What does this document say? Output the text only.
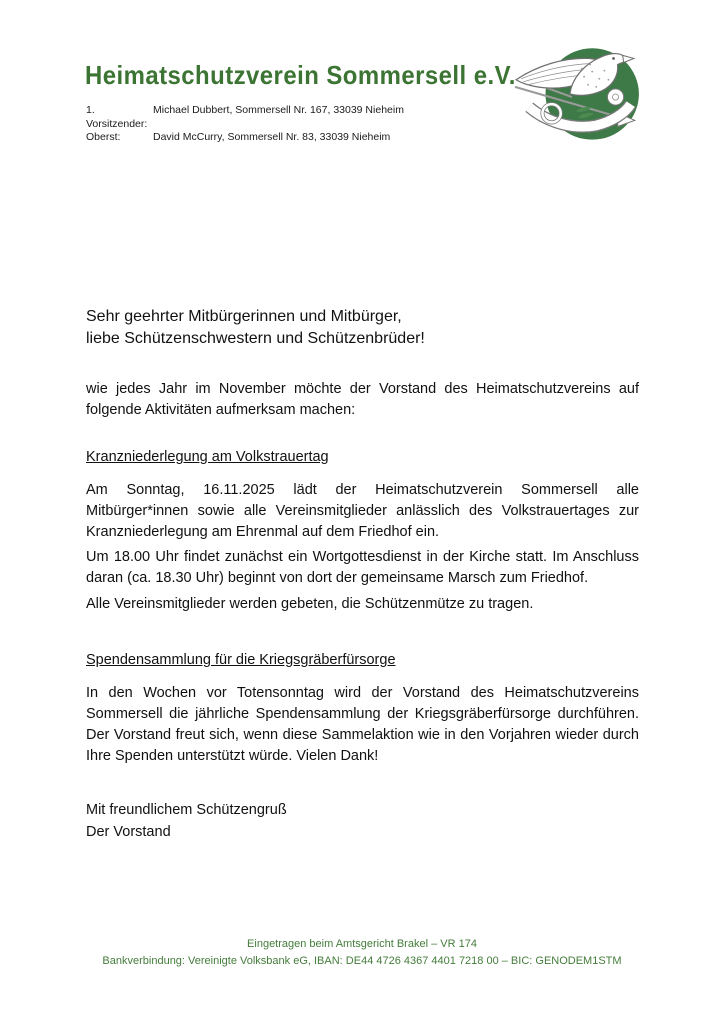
Heimatschutzverein Sommersell e.V.
1. Vorsitzender:
Michael Dubbert, Sommersell Nr. 167, 33039 Nieheim
Oberst:	David McCurry, Sommersell Nr. 83, 33039 Nieheim
Sehr geehrter Mitbürgerinnen und Mitbürger,
liebe Schützenschwestern und Schützenbrüder!

wie jedes Jahr im November möchte der Vorstand des Heimatschutzvereins auf folgende Aktivitäten aufmerksam machen:

Kranzniederlegung am Volkstrauertag

Am Sonntag, 16.11.2025 lädt der Heimatschutzverein Sommersell alle Mitbürger*innen sowie alle Vereinsmitglieder anlässlich des Volkstrauertages zur Kranzniederlegung am Ehrenmal auf dem Friedhof ein.

Um 18.00 Uhr findet zunächst ein Wortgottesdienst in der Kirche statt. Im Anschluss daran (ca. 18.30 Uhr) beginnt von dort der gemeinsame Marsch zum Friedhof.

Alle Vereinsmitglieder werden gebeten, die Schützenmütze zu tragen.

Spendensammlung für die Kriegsgräberfürsorge

In den Wochen vor Totensonntag wird der Vorstand des Heimatschutzvereins Sommersell die jährliche Spendensammlung der Kriegsgräberfürsorge durchführen. Der Vorstand freut sich, wenn diese Sammelaktion wie in den Vorjahren wieder durch Ihre Spenden unterstützt würde. Vielen Dank!

Mit freundlichem Schützengruß
Der Vorstand
Eingetragen beim Amtsgericht Brakel – VR 174
Bankverbindung: Vereinigte Volksbank eG, IBAN: DE44 4726 4367 4401 7218 00 – BIC: GENODEM1STM
